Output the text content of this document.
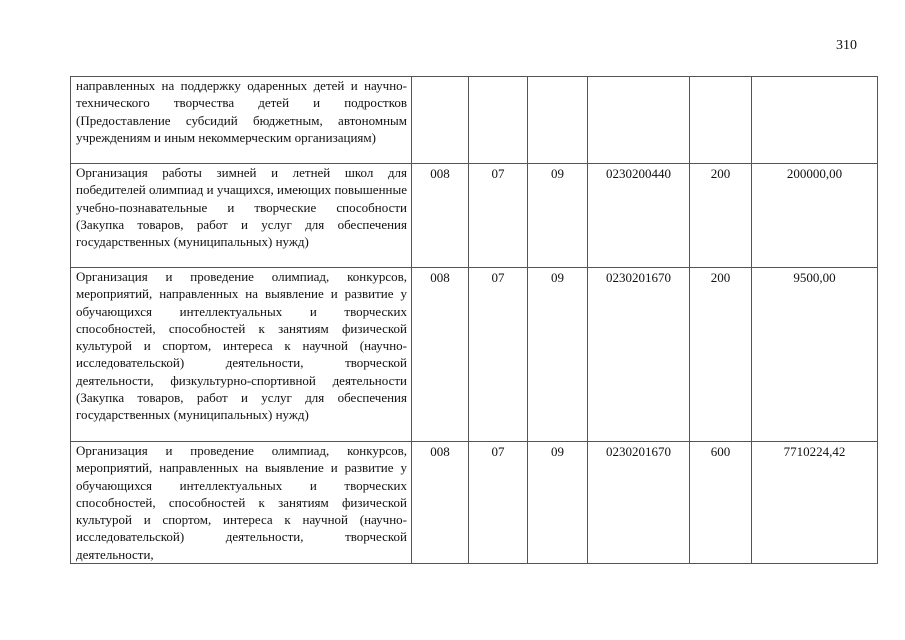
310
направленных на поддержку одаренных детей и научно-технического творчества детей и подростков (Предоставление субсидий бюджетным, автономным учреждениям и иным некоммерческим организациям)						
Организация работы зимней и летней школ для победителей олимпиад и учащихся, имеющих повышенные учебно-познавательные и творческие способности (Закупка товаров, работ и услуг для обеспечения государственных (муниципальных) нужд)	008	07	09	0230200440	200	200000,00
Организация и проведение олимпиад, конкурсов, мероприятий, направленных на выявление и развитие у обучающихся интеллектуальных и творческих способностей, способностей к занятиям физической культурой и спортом, интереса к научной (научно-исследовательской) деятельности, творческой деятельности, физкультурно-спортивной деятельности (Закупка товаров, работ и услуг для обеспечения государственных (муниципальных) нужд)	008	07	09	0230201670	200	9500,00

Организация и проведение олимпиад, конкурсов, мероприятий, направленных на выявление и развитие у обучающихся интеллектуальных и творческих способностей, способностей к занятиям физической культурой и спортом, интереса к научной (научно-исследовательской) деятельности, творческой деятельности,	008	07	09	0230201670	600	7710224,42
